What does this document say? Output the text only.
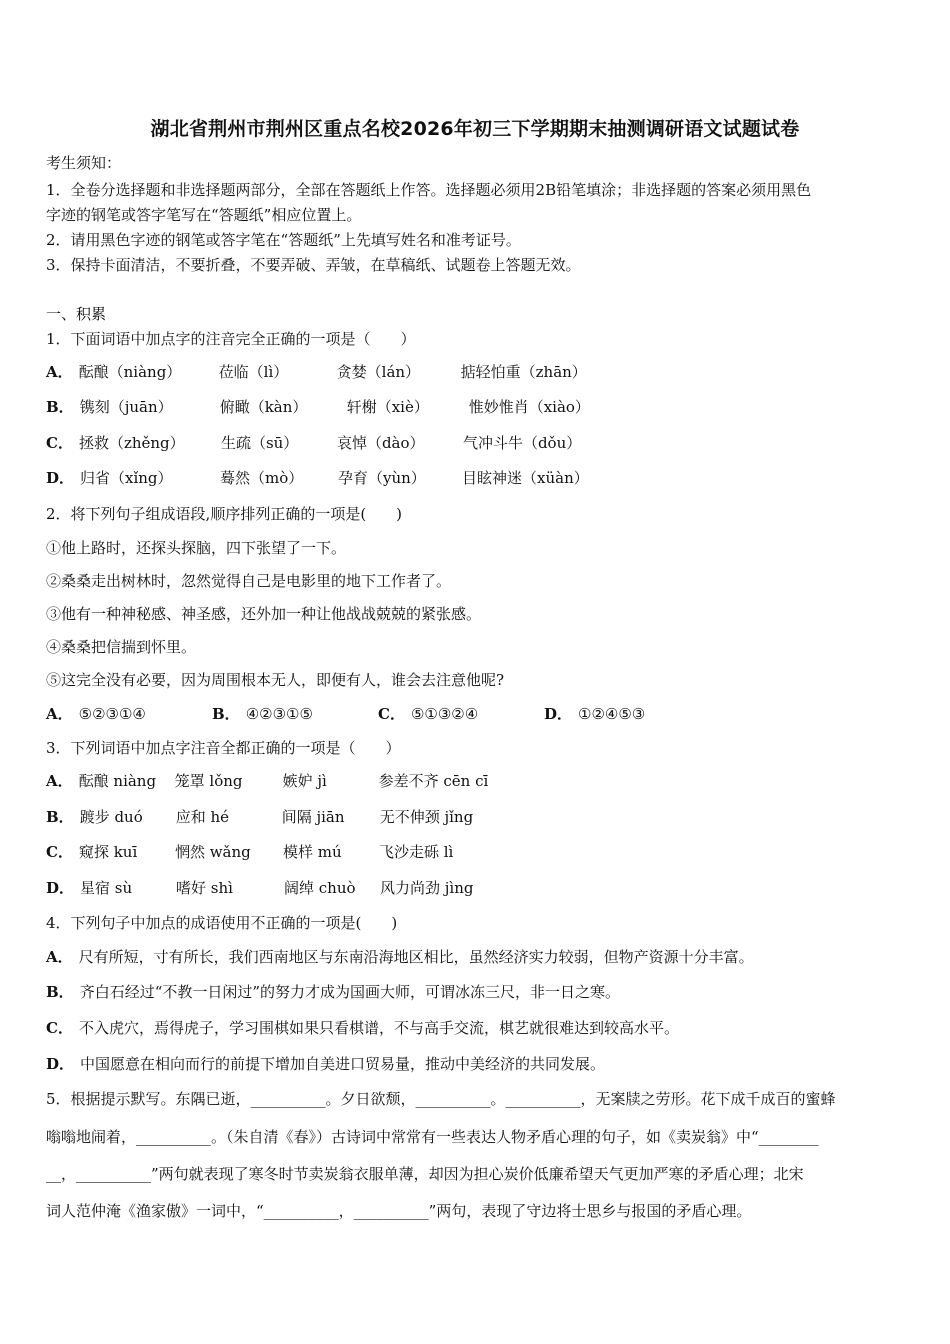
湖北省荆州市荆州区重点名校2026年初三下学期期末抽测调研语文试题试卷
考生须知：
1．全卷分选择题和非选择题两部分，全部在答题纸上作答。选择题必须用2B铅笔填涂；非选择题的答案必须用黑色
字迹的钢笔或答字笔写在“答题纸”相应位置上。
2．请用黑色字迹的钢笔或答字笔在“答题纸”上先填写姓名和准考证号。
3．保持卡面清洁，不要折叠，不要弄破、弄皱，在草稿纸、试题卷上答题无效。
一、积累
1．下面词语中加点字的注音完全正确的一项是（　　）
A． 酝酿（niàng） 莅临（lì）	贪婪（lán）	掂轻怕重（zhān）
B． 镌刻（juān）	俯瞰（kàn）	轩榭（xiè）	惟妙惟肖（xiào）
C． 拯救（zhěng） 生疏（sū）	哀悼（dào）	气冲斗牛（dǒu）
D． 归省（xǐng）	蓦然（mò） 孕育（yùn） 目眩神迷（xüàn）
2．将下列句子组成语段,顺序排列正确的一项是(　　)
①他上路时，还探头探脑，四下张望了一下。
②桑桑走出树林时，忽然觉得自己是电影里的地下工作者了。
③他有一种神秘感、神圣感，还外加一种让他战战兢兢的紧张感。
④桑桑把信揣到怀里。
⑤这完全没有必要，因为周围根本无人，即便有人，谁会去注意他呢?
A． ⑤②③①④	B． ④②③①⑤	C． ⑤①③②④	D． ①②④⑤③
3．下列词语中加点字注音全都正确的一项是（　　）
A． 酝酿 niàng 笼罩 lǒng	嫉妒 jì	参差不齐 cēn cī
B． 踱步 duó 应和 hé	间隔 jiān 无不伸颈 jǐng
C． 窥探 kuī	惘然 wǎng 模样 mú 飞沙走砾 lì
D． 星宿 sù	嗜好 shì	阔绰 chuò 风力尚劲 jìng
4．下列句子中加点的成语使用不正确的一项是(　　)
A． 尺有所短，寸有所长，我们西南地区与东南沿海地区相比，虽然经济实力较弱，但物产资源十分丰富。
B． 齐白石经过“不教一日闲过”的努力才成为国画大师，可谓冰冻三尺，非一日之寒。
C． 不入虎穴，焉得虎子，学习围棋如果只看棋谱，不与高手交流，棋艺就很难达到较高水平。
D． 中国愿意在相向而行的前提下增加自美进口贸易量，推动中美经济的共同发展。
5．根据提示默写。东隅已逝，__________。夕日欲颓，__________。__________，无案牍之劳形。花下成千成百的蜜蜂
嗡嗡地闹着，__________。（朱自清《春》）古诗词中常常有一些表达人物矛盾心理的句子，如《卖炭翁》中“________
__，__________”两句就表现了寒冬时节卖炭翁衣服单薄，却因为担心炭价低廉希望天气更加严寒的矛盾心理；北宋
词人范仲淹《渔家傲》一词中，“__________，__________”两句，表现了守边将士思乡与报国的矛盾心理。
